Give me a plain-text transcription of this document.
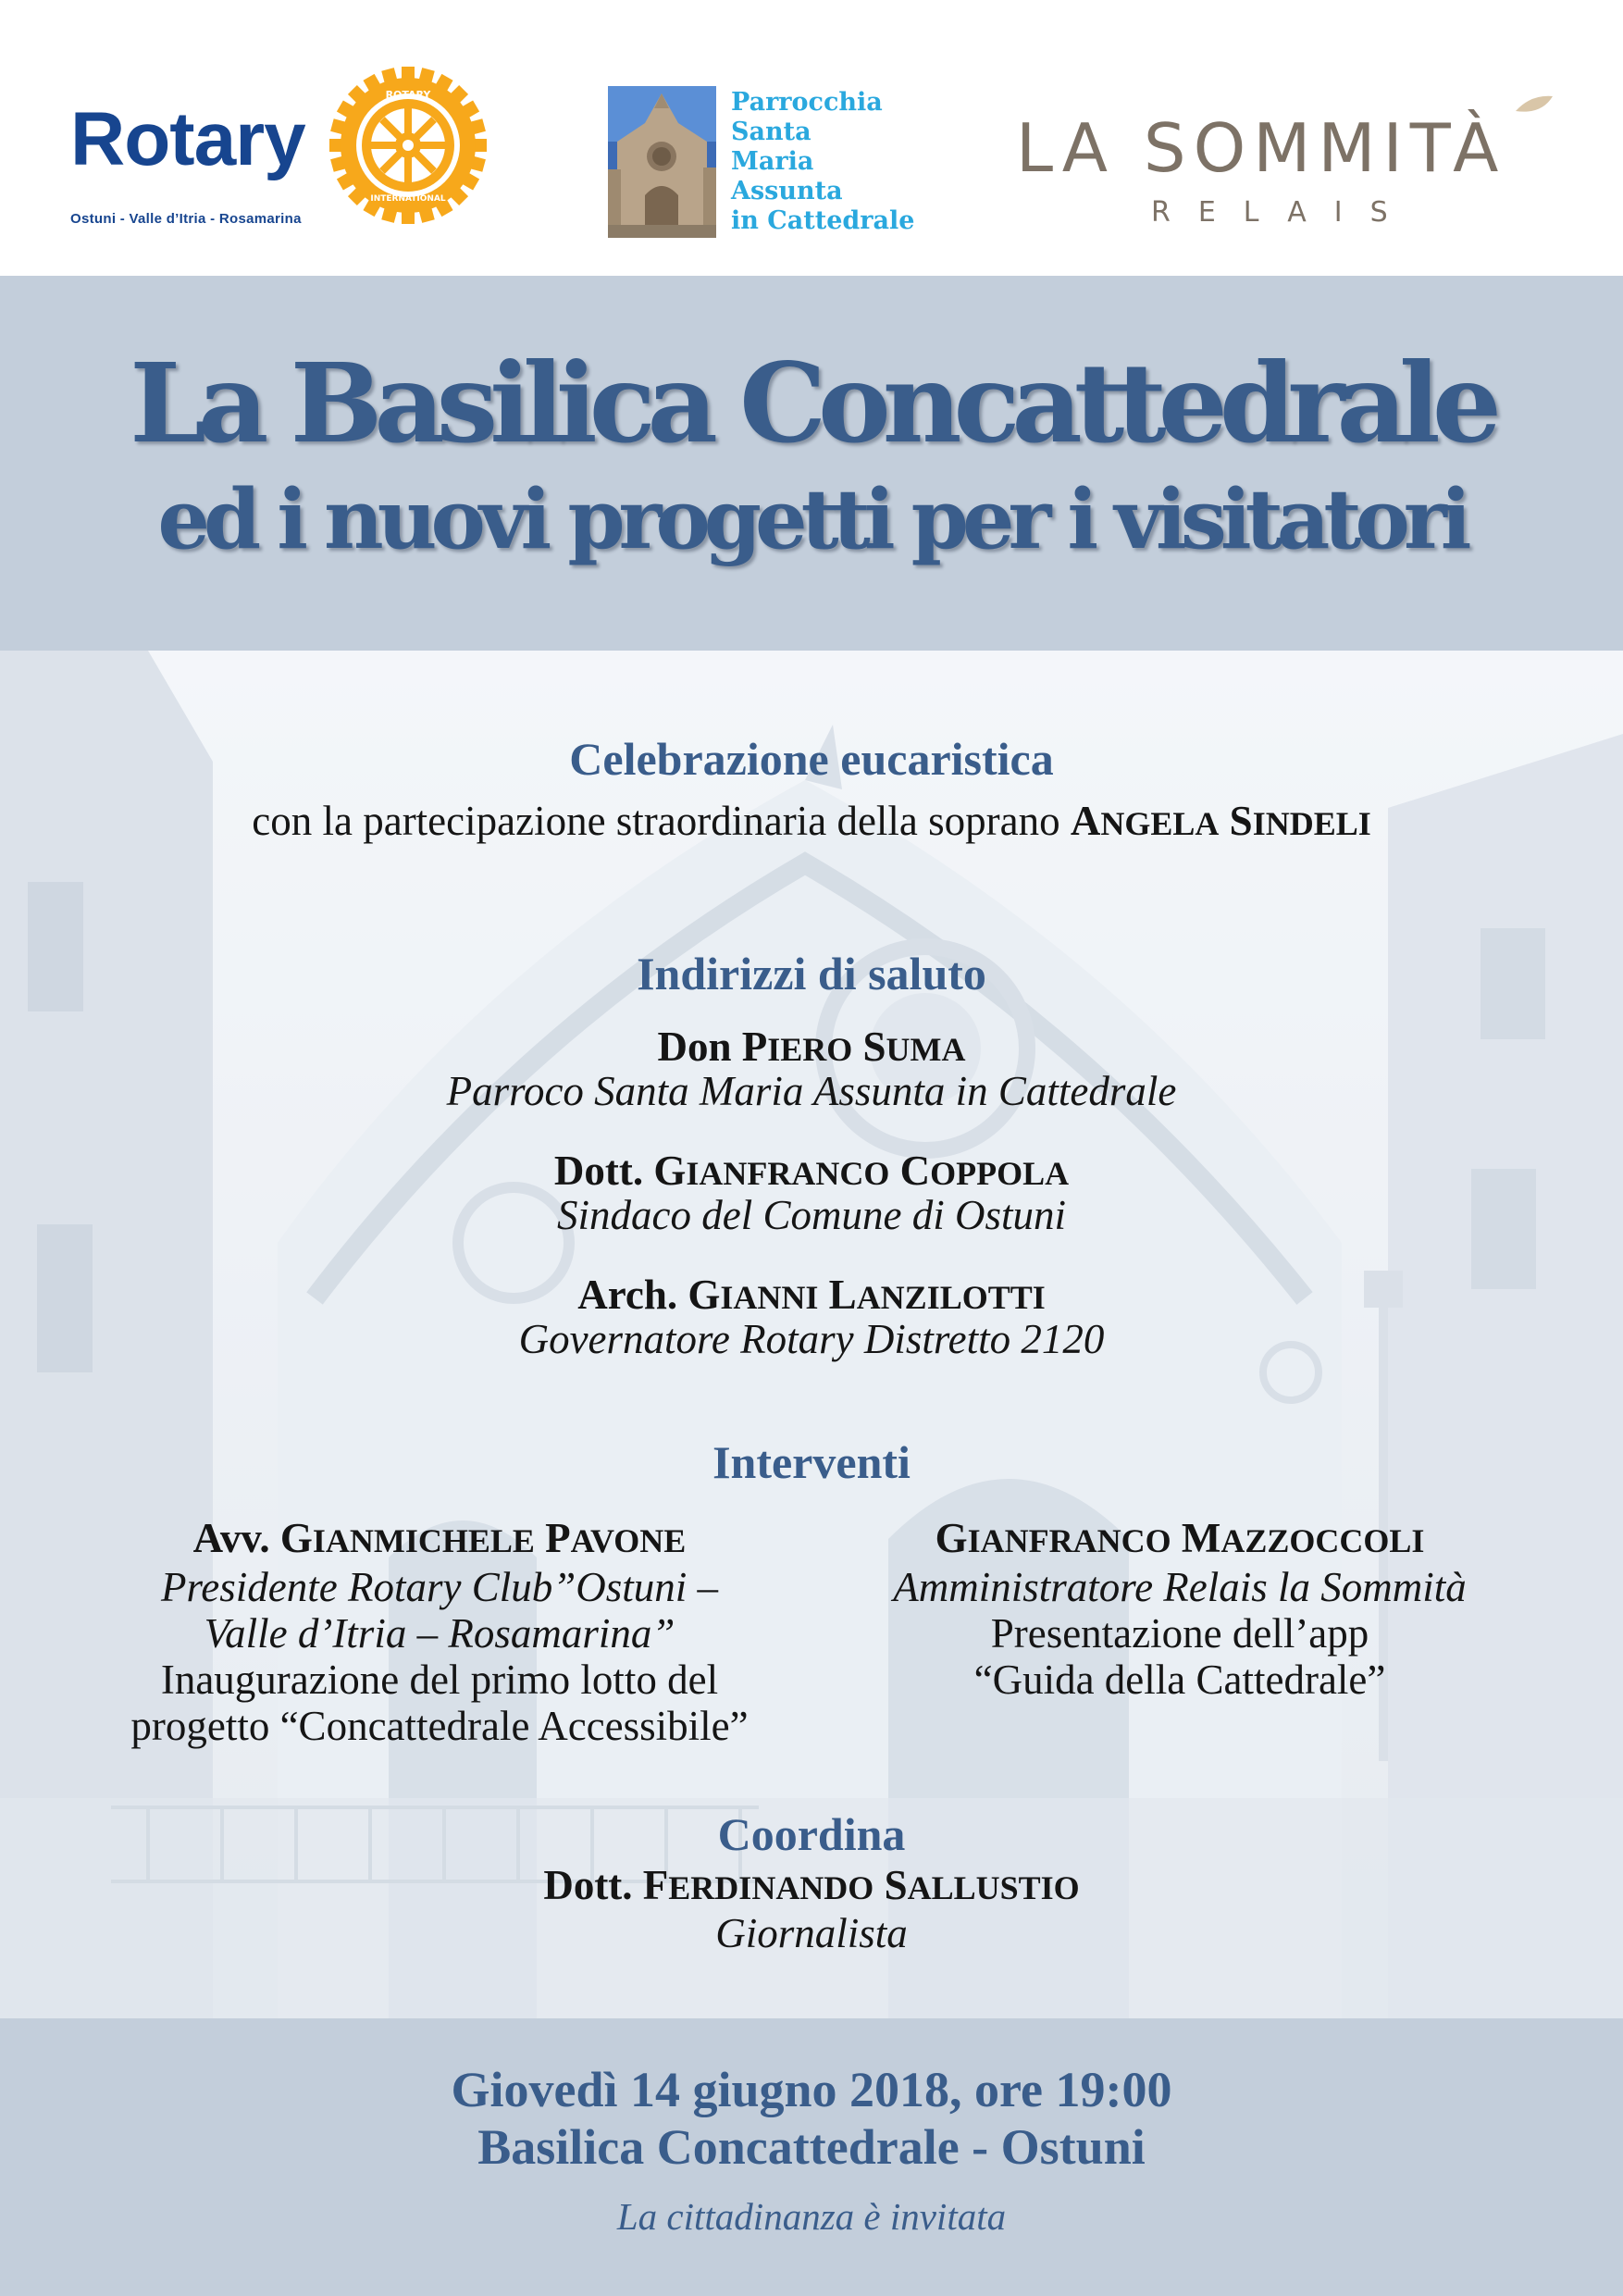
Rotary
ROTARY
INTERNATIONAL
Ostuni - Valle d’Itria - Rosamarina
Parrocchia
Santa
Maria
Assunta
in Cattedrale
LA SOMMITÀ
RELAIS
La Basilica Concattedrale
ed i nuovi progetti per i visitatori
Celebrazione eucaristica
con la partecipazione straordinaria della soprano ANGELA SINDELI
Indirizzi di saluto
Don PIERO SUMA
Parroco Santa Maria Assunta in Cattedrale
Dott. GIANFRANCO COPPOLA
Sindaco del Comune di Ostuni
Arch. GIANNI LANZILOTTI
Governatore Rotary Distretto 2120
Interventi
Avv. GIANMICHELE PAVONE
Presidente Rotary Club”Ostuni –
Valle d’Itria – Rosamarina”
Inaugurazione del primo lotto del
progetto “Concattedrale Accessibile”
GIANFRANCO MAZZOCCOLI
Amministratore Relais la Sommità
Presentazione dell’app
“Guida della Cattedrale”
Coordina
Dott. FERDINANDO SALLUSTIO
Giornalista
Giovedì 14 giugno 2018, ore 19:00
Basilica Concattedrale - Ostuni
La cittadinanza è invitata
